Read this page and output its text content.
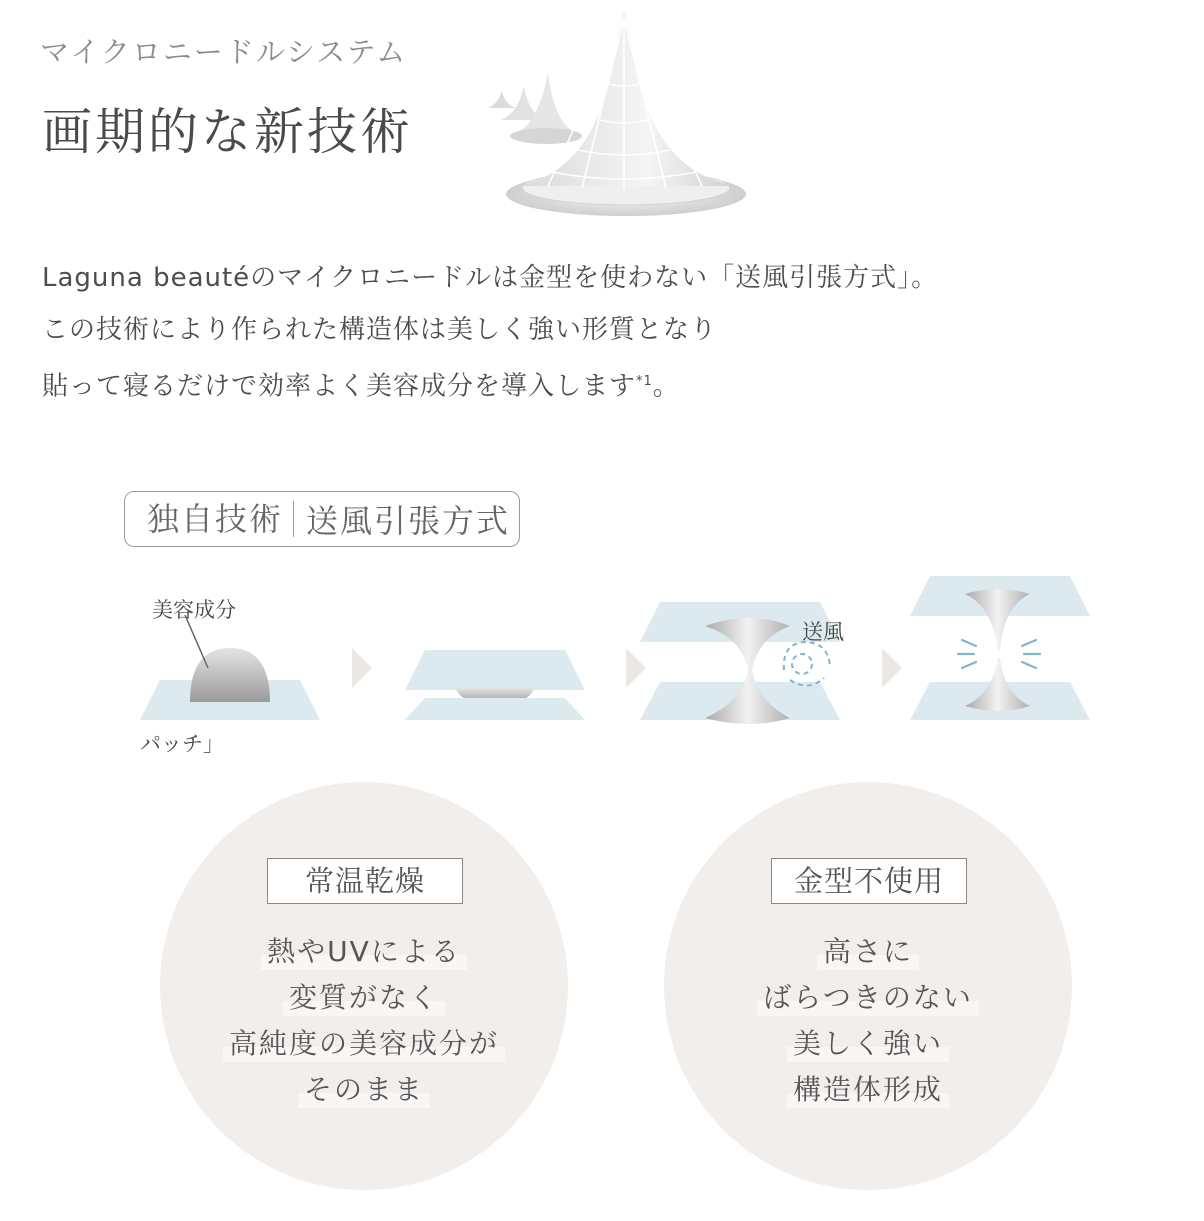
マイクロニードルシステム
画期的な新技術
Laguna beautéのマイクロニードルは金型を使わない「送風引張方式」。
この技術により作られた構造体は美しく強い形質となり
貼って寝るだけで効率よく美容成分を導入します$^{*1}$。
独自技術 送風引張方式
美容成分
パッチ」
送風
常温乾燥
熱やUVによる
変質がなく
高純度の美容成分が
そのまま
金型不使用
高さに
ばらつきのない
美しく強い
構造体形成
